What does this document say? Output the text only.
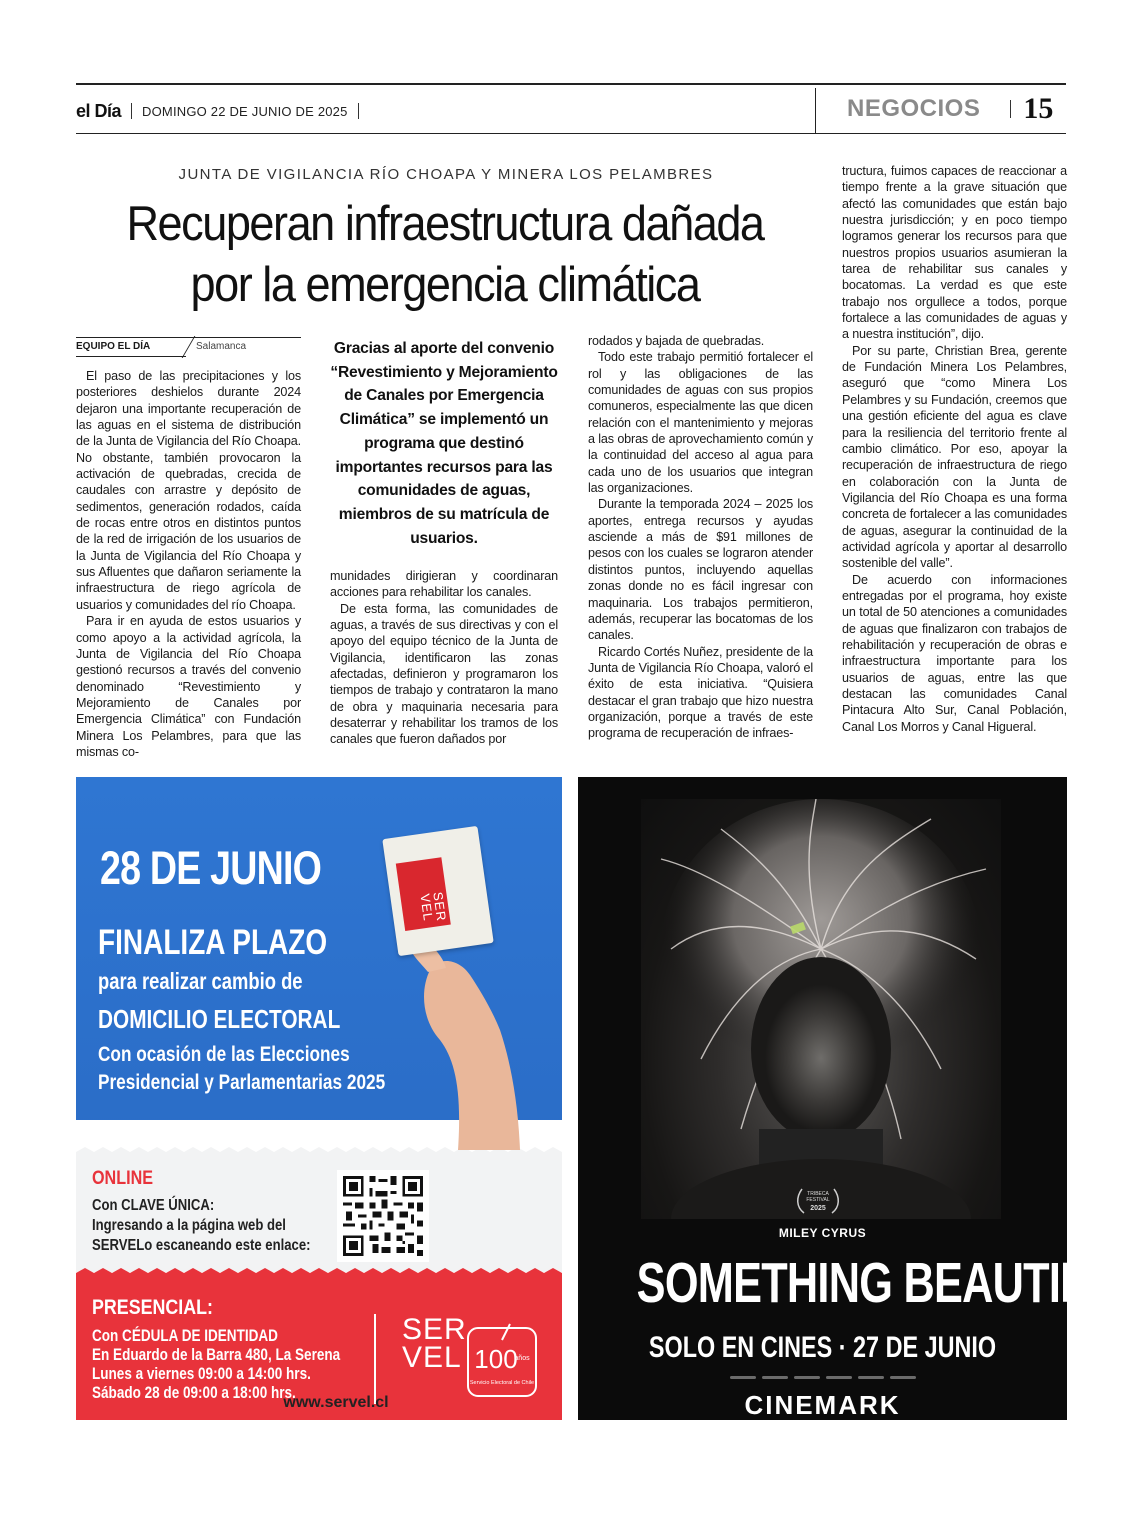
el Día DOMINGO 22 DE JUNIO DE 2025	NEGOCIOS 15
JUNTA DE VIGILANCIA RÍO CHOAPA Y MINERA LOS PELAMBRES
Recuperan infraestructura dañada
por la emergencia climática
EQUIPO EL DÍA	Salamanca

El paso de las precipitaciones y los posteriores deshielos durante 2024 dejaron una importante recuperación de las aguas en el sistema de distribución de la Junta de Vigilancia del Río Choapa. No obstante, también provocaron la activación de quebradas, crecida de caudales con arrastre y depósito de sedimentos, generación rodados, caída de rocas entre otros en distintos puntos de la red de irrigación de los usuarios de la Junta de Vigilancia del Río Choapa y sus Afluentes que dañaron seriamente la infraestructura de riego agrícola de usuarios y comunidades del río Choapa.

Para ir en ayuda de estos usuarios y como apoyo a la actividad agrícola, la Junta de Vigilancia del Río Choapa gestionó recursos a través del convenio denominado “Revestimiento y Mejoramiento de Canales por Emergencia Climática” con Fundación Minera Los Pelambres, para que las mismas co-

Gracias al aporte del convenio “Revestimiento y Mejoramiento de Canales por Emergencia Climática” se implementó un programa que destinó importantes recursos para las comunidades de aguas, miembros de su matrícula de usuarios.

munidades dirigieran y coordinaran acciones para rehabilitar los canales.

De esta forma, las comunidades de aguas, a través de sus directivas y con el apoyo del equipo técnico de la Junta de Vigilancia, identificaron las zonas afectadas, definieron y programaron los tiempos de trabajo y contrataron la mano de obra y maquinaria necesaria para desaterrar y rehabilitar los tramos de los canales que fueron dañados por

rodados y bajada de quebradas.

Todo este trabajo permitió fortalecer el rol y las obligaciones de las comunidades de aguas con sus propios comuneros, especialmente las que dicen relación con el mantenimiento y mejoras a las obras de aprovechamiento común y la continuidad del acceso al agua para cada uno de los usuarios que integran las organizaciones.

Durante la temporada 2024 – 2025 los aportes, entrega recursos y ayudas asciende a más de $91 millones de pesos con los cuales se lograron atender distintos puntos, incluyendo aquellas zonas donde no es fácil ingresar con maquinaria. Los trabajos permitieron, además, recuperar las bocatomas de los canales.

Ricardo Cortés Nuñez, presidente de la Junta de Vigilancia Río Choapa, valoró el éxito de esta iniciativa. “Quisiera destacar el gran trabajo que hizo nuestra organización, porque a través de este programa de recuperación de infraes-

tructura, fuimos capaces de reaccionar a tiempo frente a la grave situación que afectó las comunidades que están bajo nuestra jurisdicción; y en poco tiempo logramos generar los recursos para que nuestros propios usuarios asumieran la tarea de rehabilitar sus canales y bocatomas. La verdad es que este trabajo nos orgullece a todos, porque fortalece a las comunidades de aguas y a nuestra institución”, dijo.

Por su parte, Christian Brea, gerente de Fundación Minera Los Pelambres, aseguró que “como Minera Los Pelambres y su Fundación, creemos que una gestión eficiente del agua es clave para la resiliencia del territorio frente al cambio climático. Por eso, apoyar la recuperación de infraestructura de riego en colaboración con la Junta de Vigilancia del Río Choapa es una forma concreta de fortalecer a las comunidades de aguas, asegurar la continuidad de la actividad agrícola y aportar al desarrollo sostenible del valle”.

De acuerdo con informaciones entregadas por el programa, hoy existe un total de 50 atenciones a comunidades de aguas que finalizaron con trabajos de rehabilitación y recuperación de obras e infraestructura importante para los usuarios de aguas, entre las que destacan las comunidades Canal Pintacura Alto Sur, Canal Población, Canal Los Morros y Canal Higueral.

SER VEL
28 DE JUNIO
FINALIZA PLAZO
para realizar cambio de
DOMICILIO ELECTORAL
Con ocasión de las Elecciones
Presidencial y Parlamentarias 2025
ONLINE
Con CLAVE ÚNICA:
Ingresando a la página web del
SERVELo escaneando este enlace:
PRESENCIAL:
Con CÉDULA DE IDENTIDAD
En Eduardo de la Barra 480, La Serena
Lunes a viernes 09:00 a 14:00 hrs.
Sábado 28 de 09:00 a 18:00 hrs.
SER VEL 100
años
Servicio Electoral de Chile
www.servel.cl
TRIBECA
FESTIVAL
2025
MILEY CYRUS
SOMETHING BEAUTIFUL
SOLO EN CINES · 27 DE JUNIO
CINEMARK
